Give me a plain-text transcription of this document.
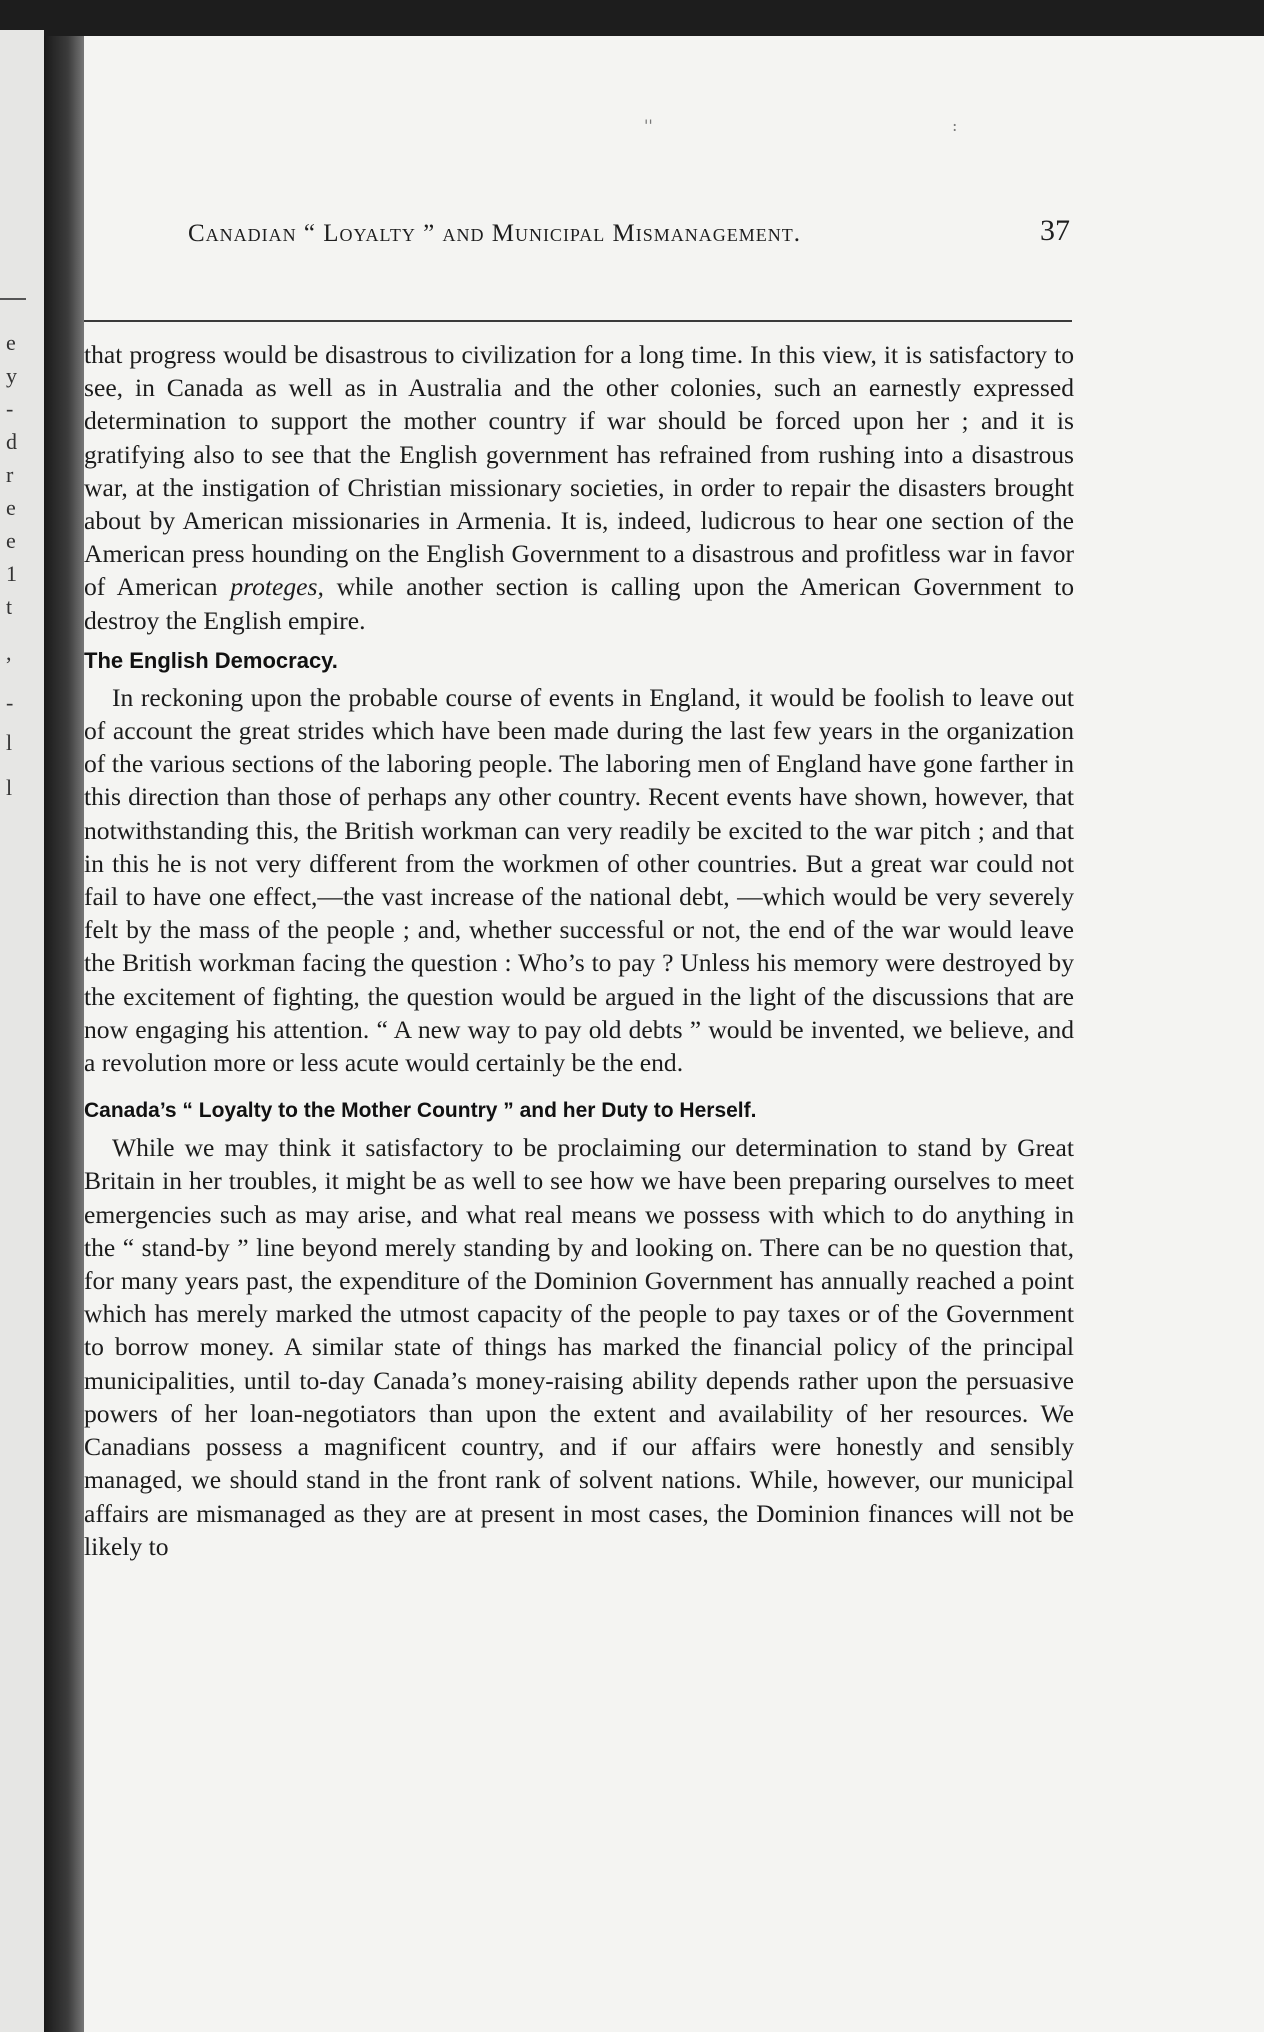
e
y
-
d
r
e
e
1
t
,
-
l
l
:
''
Canadian “ Loyalty ” and Municipal Mismanagement.	37

that progress would be disastrous to civilization for a long time. In this view, it is satisfactory to see, in Canada as well as in Australia and the other colonies, such an earnestly expressed determination to support the mother country if war should be forced upon her ; and it is gratifying also to see that the English government has refrained from rushing into a disastrous war, at the instigation of Christian missionary societies, in order to repair the disasters brought about by American missionaries in Armenia. It is, indeed, ludicrous to hear one section of the American press hounding on the English Government to a disastrous and profitless war in favor of American proteges, while another section is calling upon the American Government to destroy the English empire.

The English Democracy.

In reckoning upon the probable course of events in England, it would be foolish to leave out of account the great strides which have been made during the last few years in the organization of the various sections of the laboring people. The laboring men of England have gone farther in this direction than those of perhaps any other country. Recent events have shown, however, that notwithstanding this, the British workman can very readily be excited to the war pitch ; and that in this he is not very different from the workmen of other countries. But a great war could not fail to have one effect,—the vast increase of the national debt, —which would be very severely felt by the mass of the people ; and, whether successful or not, the end of the war would leave the British workman facing the question : Who’s to pay ? Unless his memory were destroyed by the excitement of fighting, the question would be argued in the light of the discussions that are now engaging his attention. “ A new way to pay old debts ” would be invented, we believe, and a revolution more or less acute would certainly be the end.

Canada’s “ Loyalty to the Mother Country ” and her Duty to Herself.

While we may think it satisfactory to be proclaiming our determination to stand by Great Britain in her troubles, it might be as well to see how we have been preparing ourselves to meet emergencies such as may arise, and what real means we possess with which to do anything in the “ stand-by ” line beyond merely standing by and looking on. There can be no question that, for many years past, the expenditure of the Dominion Government has annually reached a point which has merely marked the utmost capacity of the people to pay taxes or of the Government to borrow money. A similar state of things has marked the financial policy of the principal municipalities, until to-day Canada’s money-raising ability depends rather upon the persuasive powers of her loan-negotiators than upon the extent and availability of her resources. We Canadians possess a magnificent country, and if our affairs were honestly and sensibly managed, we should stand in the front rank of solvent nations. While, however, our municipal affairs are mismanaged as they are at present in most cases, the Dominion finances will not be likely to
